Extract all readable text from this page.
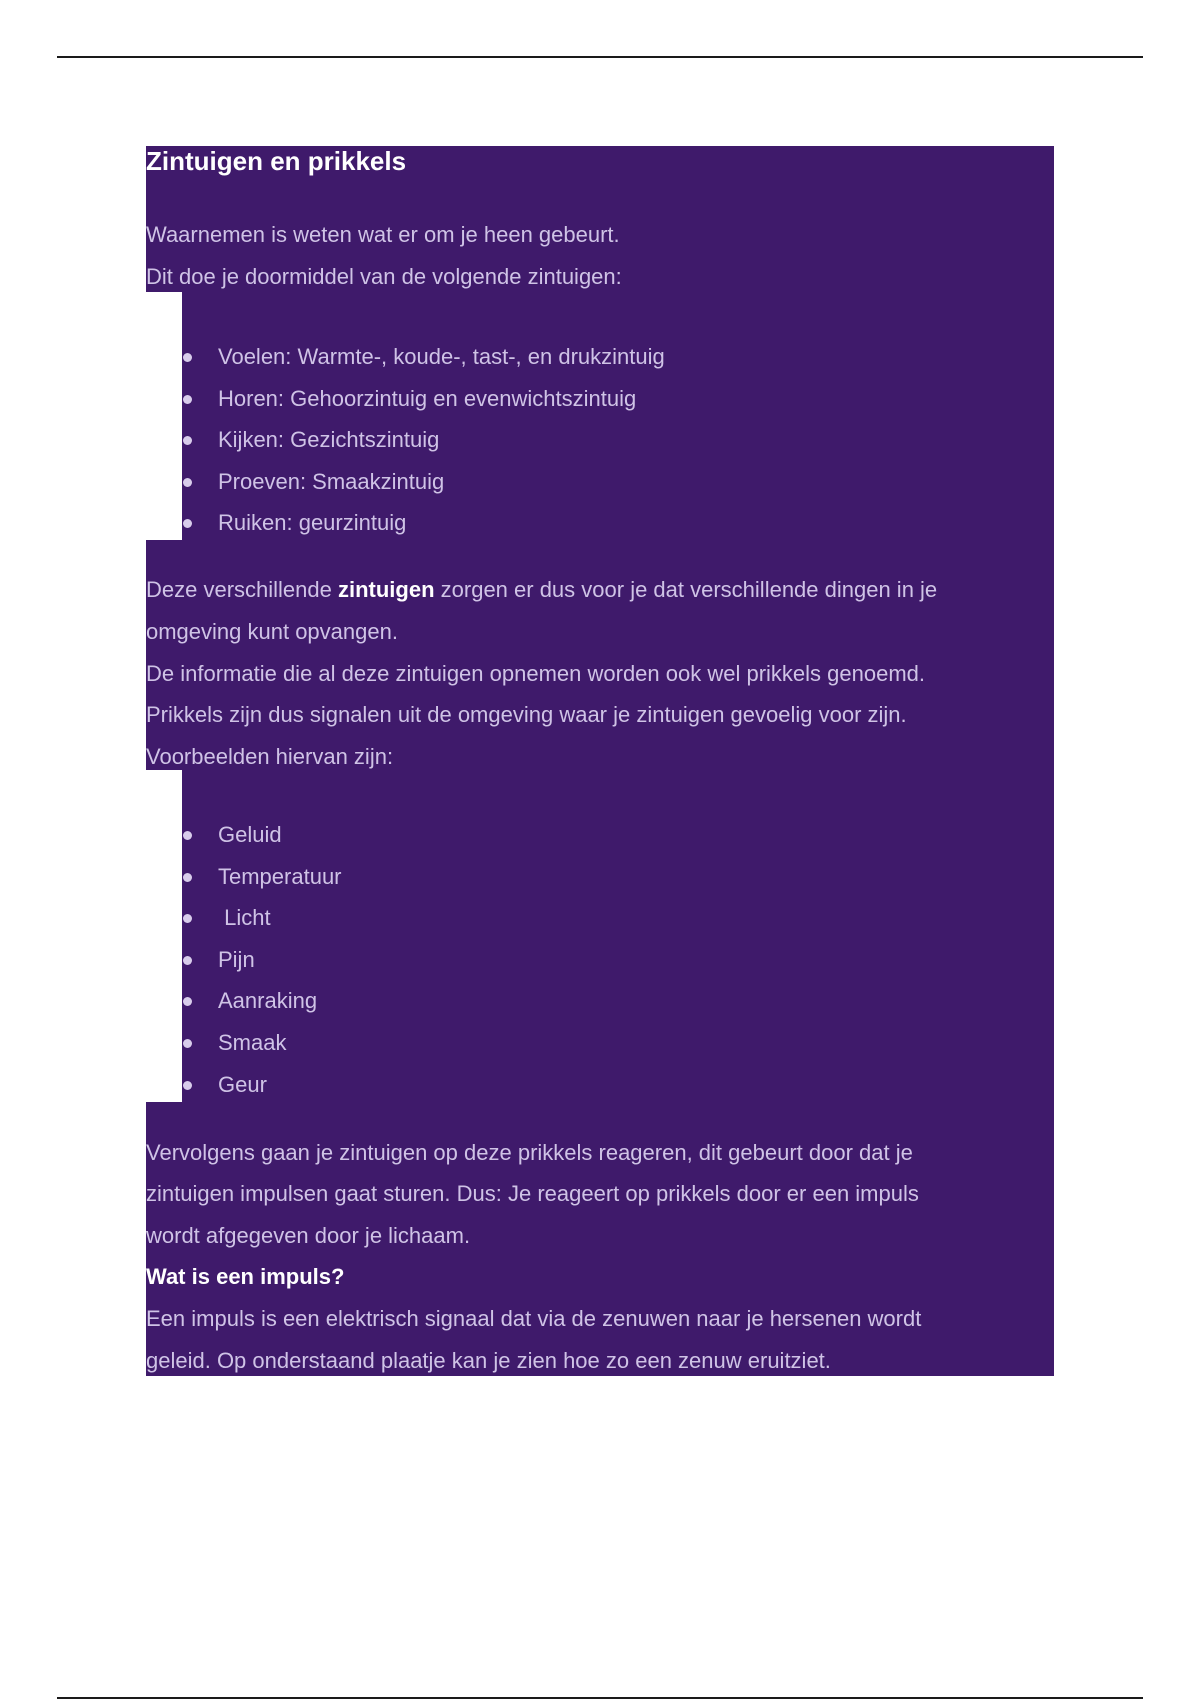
Zintuigen en prikkels
Waarnemen is weten wat er om je heen gebeurt.
Dit doe je doormiddel van de volgende zintuigen:
Voelen: Warmte-, koude-, tast-, en drukzintuig
Horen: Gehoorzintuig en evenwichtszintuig
Kijken: Gezichtszintuig
Proeven: Smaakzintuig
Ruiken: geurzintuig
Deze verschillende zintuigen zorgen er dus voor je dat verschillende dingen in je
omgeving kunt opvangen.
De informatie die al deze zintuigen opnemen worden ook wel prikkels genoemd.
Prikkels zijn dus signalen uit de omgeving waar je zintuigen gevoelig voor zijn.
Voorbeelden hiervan zijn:
Geluid
Temperatuur
Licht
Pijn
Aanraking
Smaak
Geur
Vervolgens gaan je zintuigen op deze prikkels reageren, dit gebeurt door dat je
zintuigen impulsen gaat sturen. Dus: Je reageert op prikkels door er een impuls
wordt afgegeven door je lichaam.
Wat is een impuls?
Een impuls is een elektrisch signaal dat via de zenuwen naar je hersenen wordt
geleid. Op onderstaand plaatje kan je zien hoe zo een zenuw eruitziet.
